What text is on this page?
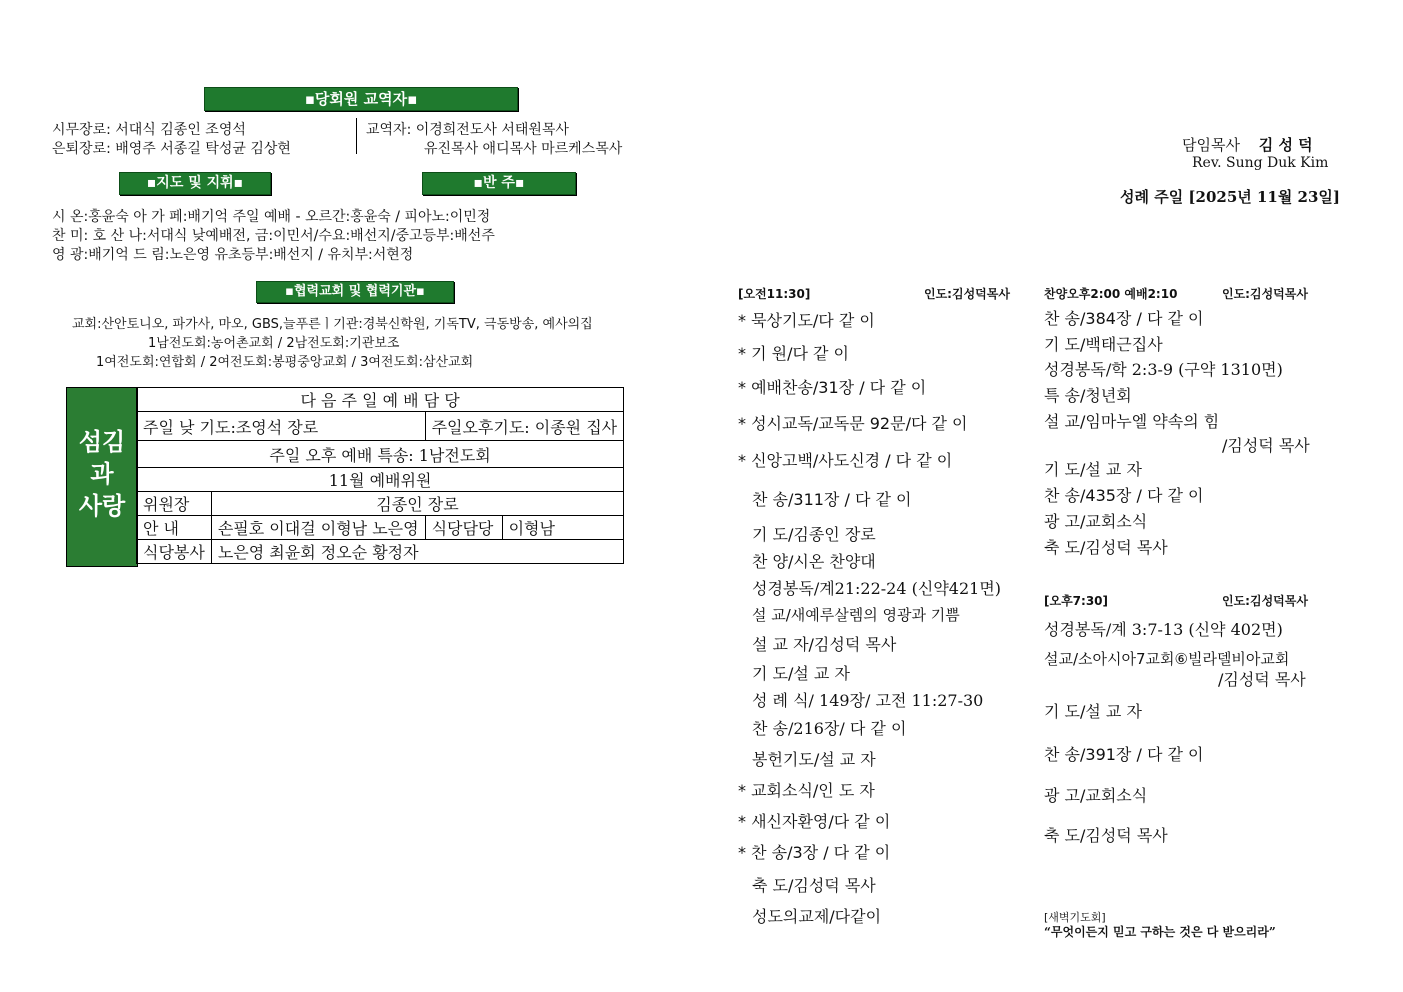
▪당회원 교역자▪
▪지도 및 지휘▪	▪반 주▪
▪협력교회 및 협력기관▪
시무장로: 서대식 김종인 조영석
은퇴장로: 배영주 서종길 탁성균 김상현
교역자: 이경희전도사 서태원목사
유진목사 애디목사 마르케스목사	담임목사 김 성 덕
Rev. Sung Duk Kim
성례 주일 [2025년 11월 23일]
시 온:홍윤숙 아 가 페:배기억 주일 예배 - 오르간:홍윤숙 / 피아노:이민정
찬 미: 호 산 나:서대식 낮예배전, 금:이민서/수요:배선지/중고등부:배선주
영 광:배기억 드 림:노은영 유초등부:배선지 / 유치부:서현정
교회:산안토니오, 파가사, 마오, GBS,늘푸른ㅣ기관:경북신학원, 기독TV, 극동방송, 예사의집
1남전도회:농어촌교회 / 2남전도회:기관보조
1여전도회:연합회 / 2여전도회:봉평중앙교회 / 3여전도회:삼산교회
섬김
과
사랑
다 음 주 일 예 배 담 당			
주일 낮 기도:조영석 장로		주일오후기도: 이종원 집사	
주일 오후 예배 특송: 1남전도회			
11월 예배위원			
위원장	김종인 장로		
안 내	손필호 이대걸 이형남 노은영	식당담당	이형남
식당봉사	노은영 최윤회 정오순 황정자		
[오전11:30]	인도:김성덕목사
* 묵상기도/다 같 이
* 기 원/다 같 이
* 예배찬송/31장 / 다 같 이
* 성시교독/교독문 92문/다 같 이
* 신앙고백/사도신경 / 다 같 이
찬 송/311장 / 다 같 이
기 도/김종인 장로
찬 양/시온 찬양대
성경봉독/계21:22-24 (신약421면)
설 교/새예루살렘의 영광과 기쁨
설 교 자/김성덕 목사
기 도/설 교 자
성 례 식/ 149장/ 고전 11:27-30
찬 송/216장/ 다 같 이
봉헌기도/설 교 자
* 교회소식/인 도 자
* 새신자환영/다 같 이
* 찬 송/3장 / 다 같 이
축 도/김성덕 목사
성도의교제/다같이
찬양오후2:00 예배2:10	인도:김성덕목사
찬 송/384장 / 다 같 이
기 도/백태근집사
성경봉독/학 2:3-9 (구약 1310면)
특 송/청년회
설 교/임마누엘 약속의 힘
/김성덕 목사
기 도/설 교 자
찬 송/435장 / 다 같 이
광 고/교회소식
축 도/김성덕 목사
[오후7:30]	인도:김성덕목사
성경봉독/계 3:7-13 (신약 402면)
설교/소아시아7교회⑥빌라델비아교회
/김성덕 목사
기 도/설 교 자
찬 송/391장 / 다 같 이
광 고/교회소식
축 도/김성덕 목사
[새벽기도회]
“무엇이든지 믿고 구하는 것은 다 받으리라”
